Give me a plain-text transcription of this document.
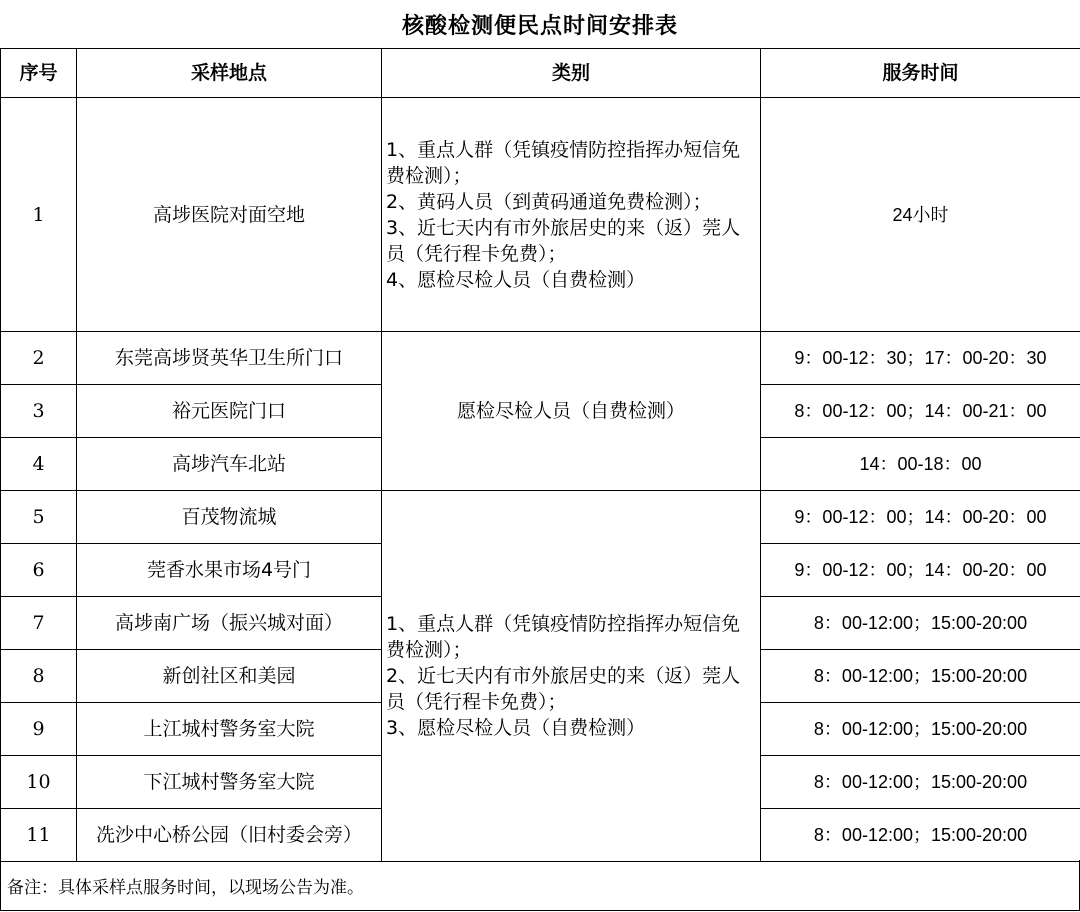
核酸检测便民点时间安排表
序号	采样地点	类别	服务时间
1	高埗医院对面空地	1、重点人群（凭镇疫情防控指挥办短信免费检测）；
2、黄码人员（到黄码通道免费检测）；
3、近七天内有市外旅居史的来（返）莞人员（凭行程卡免费）；
4、愿检尽检人员（自费检测）	24小时
2	东莞高埗贤英华卫生所门口	愿检尽检人员（自费检测）	9：00-12：30；17：00-20：30
3	裕元医院门口		8：00-12：00；14：00-21：00
4	高埗汽车北站		14：00-18：00
5	百茂物流城	1、重点人群（凭镇疫情防控指挥办短信免费检测）；
2、近七天内有市外旅居史的来（返）莞人员（凭行程卡免费）；
3、愿检尽检人员（自费检测）	9：00-12：00；14：00-20：00
6	莞香水果市场4号门		9：00-12：00；14：00-20：00
7	高埗南广场（振兴城对面）		8：00-12:00；15:00-20:00
8	新创社区和美园		8：00-12:00；15:00-20:00
9	上江城村警务室大院		8：00-12:00；15:00-20:00
10	下江城村警务室大院		8：00-12:00；15:00-20:00
11	冼沙中心桥公园（旧村委会旁）		8：00-12:00；15:00-20:00
备注：具体采样点服务时间，以现场公告为准。
